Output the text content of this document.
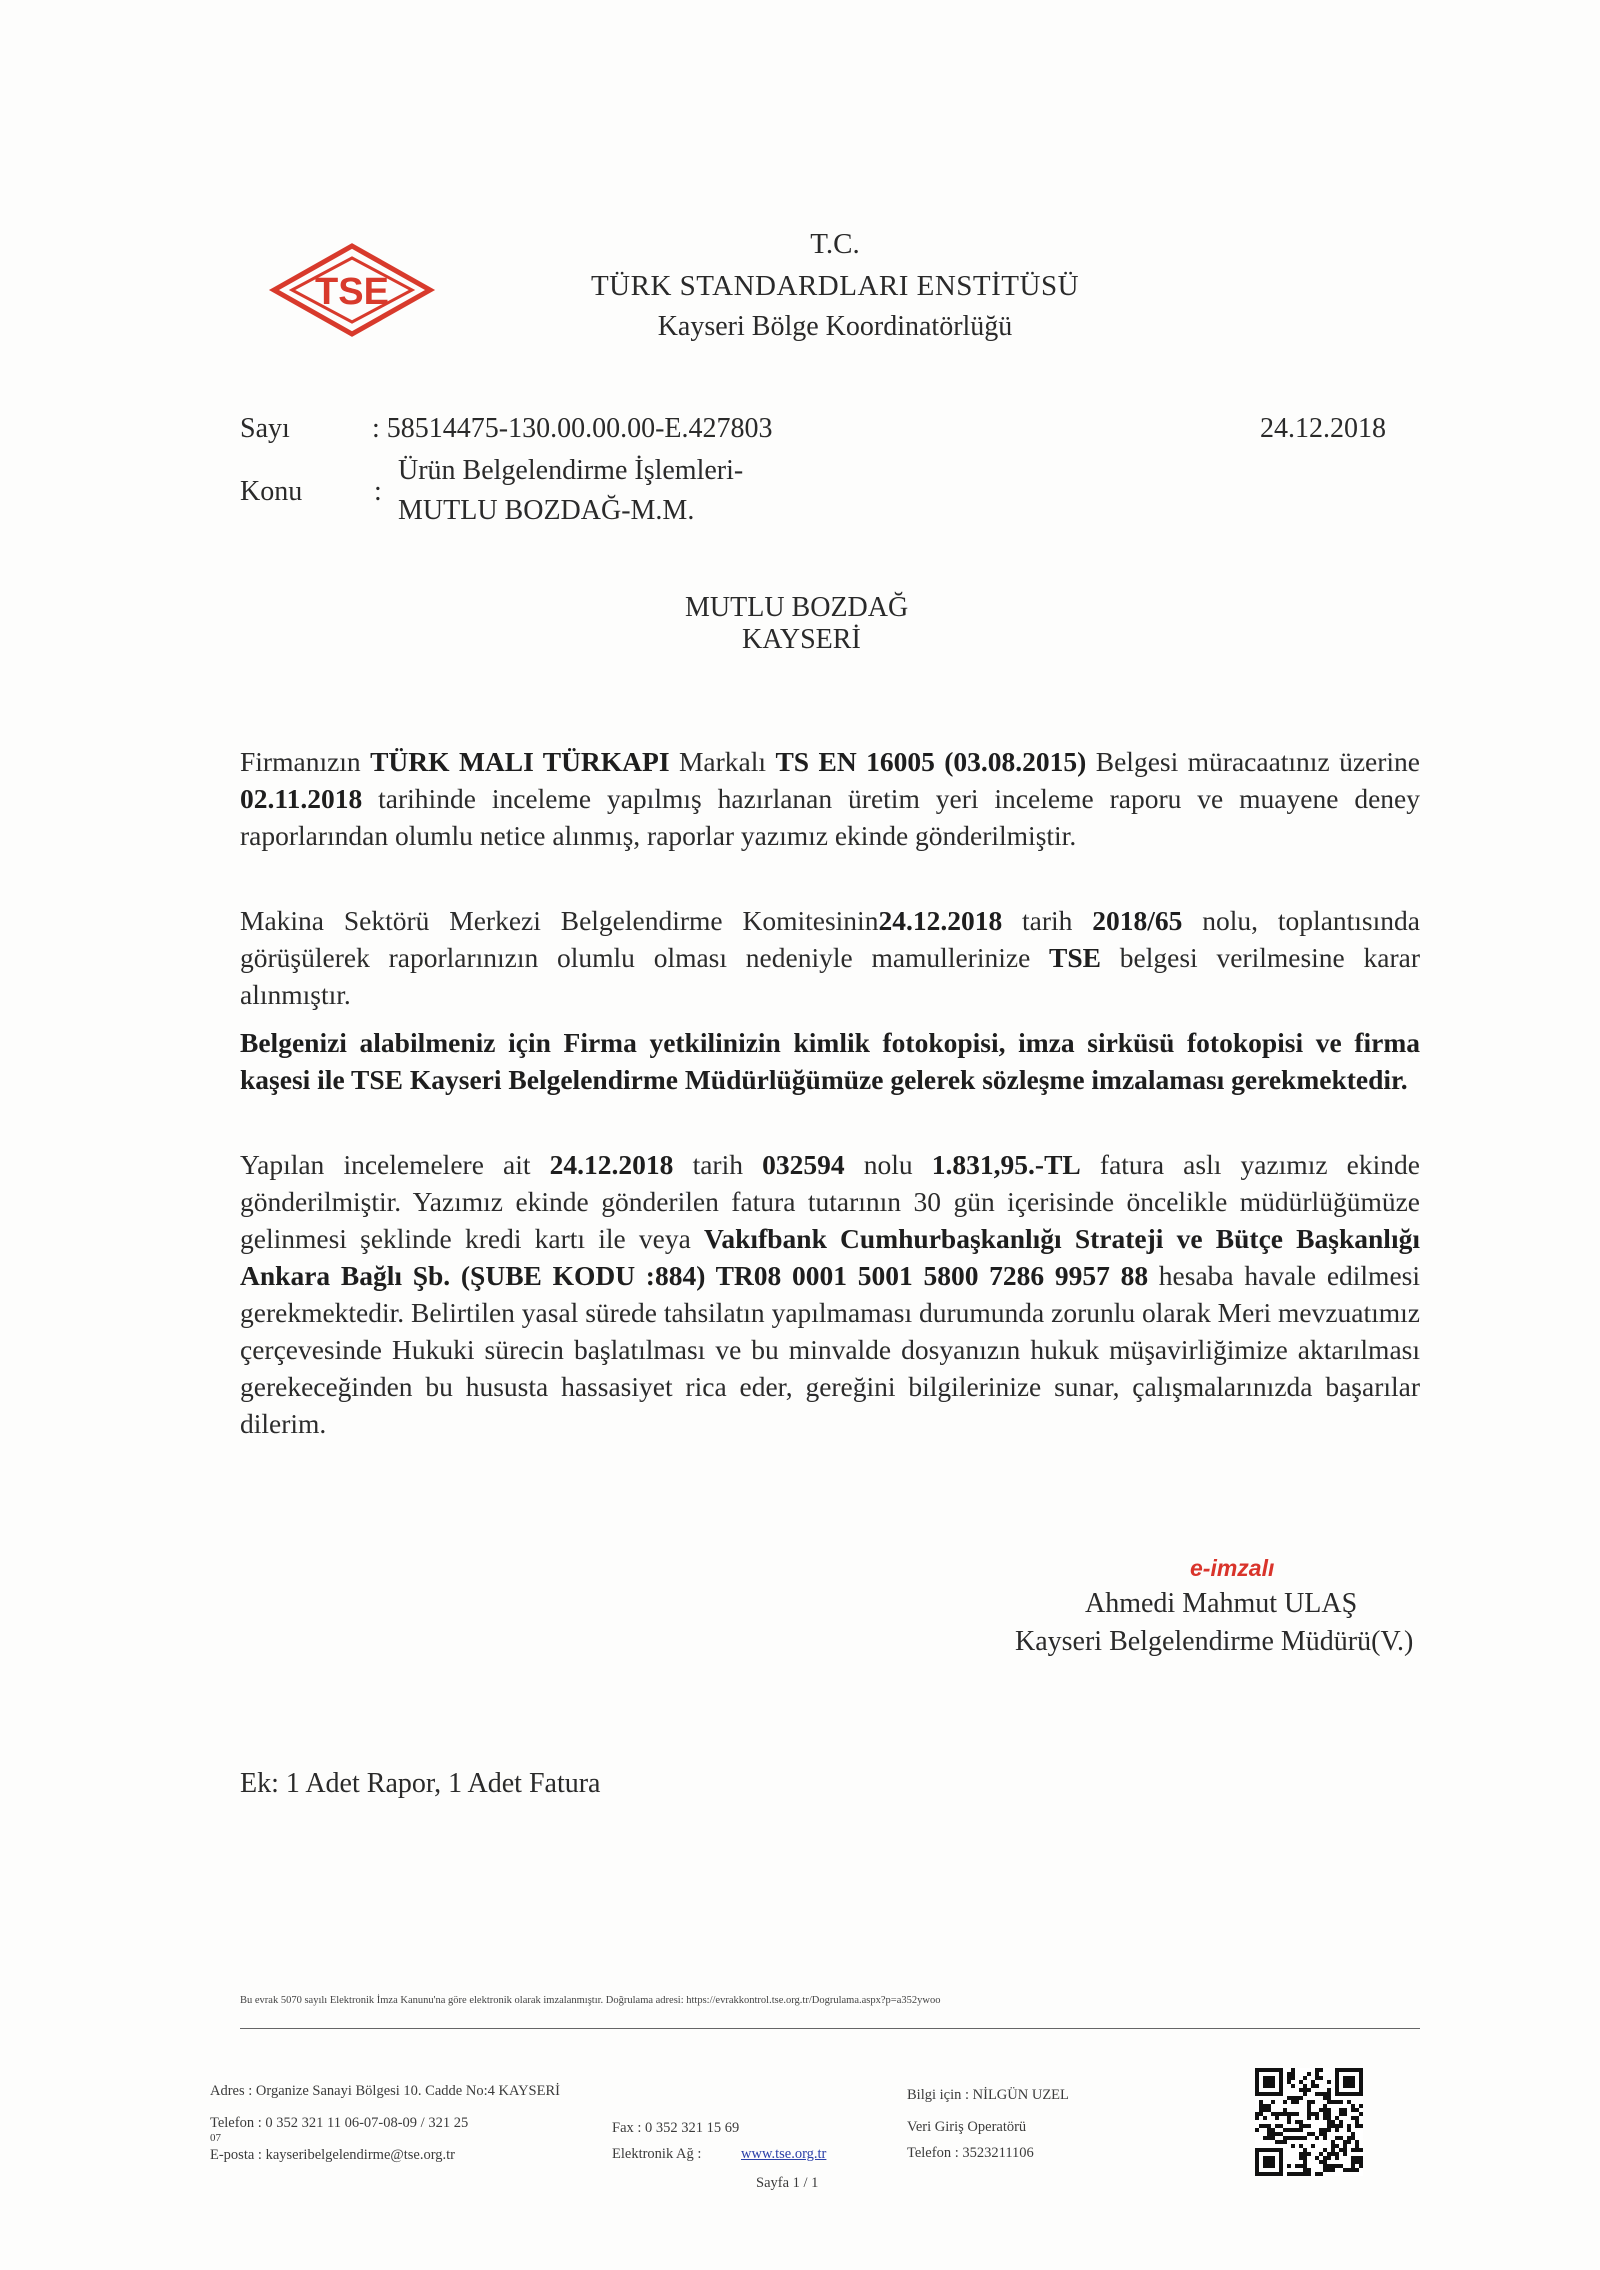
TSE
T.C.
TÜRK STANDARDLARI ENSTİTÜSÜ
Kayseri Bölge Koordinatörlüğü
Sayı	: 58514475-130.00.00.00-E.427803	24.12.2018
Konu	:
Ürün Belgelendirme İşlemleri-
MUTLU BOZDAĞ-M.M.
MUTLU BOZDAĞ
KAYSERİ
Firmanızın TÜRK MALI TÜRKAPI Markalı TS EN 16005 (03.08.2015) Belgesi müracaatınız üzerine 02.11.2018 tarihinde inceleme yapılmış hazırlanan üretim yeri inceleme raporu ve muayene deney raporlarından olumlu netice alınmış, raporlar yazımız ekinde gönderilmiştir.
Makina Sektörü Merkezi Belgelendirme Komitesinin24.12.2018 tarih 2018/65 nolu, toplantısında görüşülerek raporlarınızın olumlu olması nedeniyle mamullerinize TSE belgesi verilmesine karar alınmıştır.
Belgenizi alabilmeniz için Firma yetkilinizin kimlik fotokopisi, imza sirküsü fotokopisi ve firma kaşesi ile TSE Kayseri Belgelendirme Müdürlüğümüze gelerek sözleşme imzalaması gerekmektedir.
Yapılan incelemelere ait 24.12.2018 tarih 032594 nolu 1.831,95.-TL fatura aslı yazımız ekinde gönderilmiştir. Yazımız ekinde gönderilen fatura tutarının 30 gün içerisinde öncelikle müdürlüğümüze gelinmesi şeklinde kredi kartı ile veya Vakıfbank Cumhurbaşkanlığı Strateji ve Bütçe Başkanlığı Ankara Bağlı Şb. (ŞUBE KODU :884) TR08 0001 5001 5800 7286 9957 88 hesaba havale edilmesi gerekmektedir. Belirtilen yasal sürede tahsilatın yapılmaması durumunda zorunlu olarak Meri mevzuatımız çerçevesinde Hukuki sürecin başlatılması ve bu minvalde dosyanızın hukuk müşavirliğimize aktarılması gerekeceğinden bu hususta hassasiyet rica eder, gereğini bilgilerinize sunar, çalışmalarınızda başarılar dilerim.
e-imzalı
Ahmedi Mahmut ULAŞ
Kayseri Belgelendirme Müdürü(V.)
Ek: 1 Adet Rapor, 1 Adet Fatura
Bu evrak 5070 sayılı Elektronik İmza Kanunu'na göre elektronik olarak imzalanmıştır. Doğrulama adresi: https://evrakkontrol.tse.org.tr/Dogrulama.aspx?p=a352ywoo
Adres : Organize Sanayi Bölgesi 10. Cadde No:4 KAYSERİ
Telefon : 0 352 321 11 06-07-08-09 / 321 25
07
E-posta : kayseribelgelendirme@tse.org.tr
Fax : 0 352 321 15 69
Elektronik Ağ :	www.tse.org.tr
Sayfa 1 / 1
Bilgi için : NİLGÜN UZEL
Veri Giriş Operatörü
Telefon : 3523211106
